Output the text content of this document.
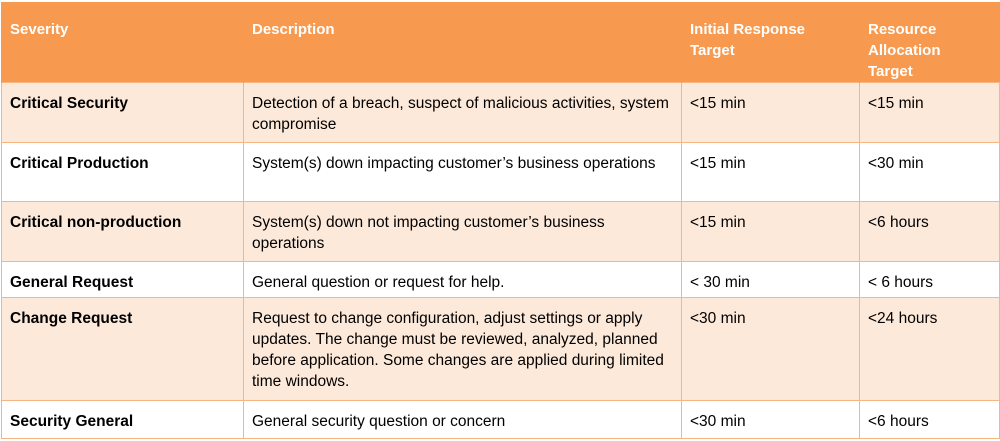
Severity	Description	Initial Response Target	Resource Allocation Target
Critical Security	Detection of a breach, suspect of malicious activities, system compromise	<15 min	<15 min
Critical Production	System(s) down impacting customer’s business operations	<15 min	<30 min
Critical non-production	System(s) down not impacting customer’s business operations	<15 min	<6 hours
General Request	General question or request for help.	< 30 min	< 6 hours
Change Request	Request to change configuration, adjust settings or apply updates. The change must be reviewed, analyzed, planned before application. Some changes are applied during limited time windows.	<30 min	<24 hours
Security General	General security question or concern	<30 min	<6 hours
